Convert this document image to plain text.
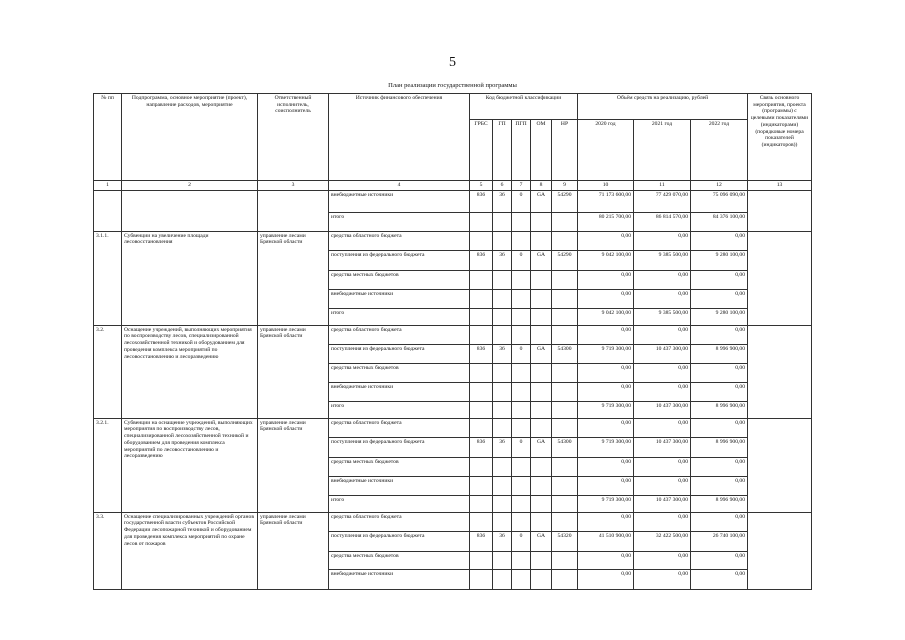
5
План реализации государственной программы
№ пп	Подпрограмма, основное мероприятие (проект), направление расходов, мероприятие	Ответственный исполнитель, соисполнитель	Источник финансового обеспечения	Код бюджетной классификации					Объём средств на реализацию, рублей			Связь основного мероприятия, проекта (программы) с целевыми показателями (индикаторами) (порядковые номера показателей (индикаторов))
				ГРБС	ГП	ПГП	ОМ	НР	2020 год	2021 год	2022 год	
1	2	3	4	5	6	7	8	9	10	11	12	13
			внебюджетные источники	836	36	0	GA	54290	71 173 600,00	77 429 070,00	75 096 090,00	
			итого						80 215 700,00	86 814 570,00	84 376 100,00	
3.1.1.	Субвенции на увеличение площади лесовосстановления	управление лесами Брянской области	средства областного бюджета						0,00	0,00	0,00	
			поступления из федерального бюджета	836	36	0	GA	54290	9 042 100,00	9 385 500,00	9 280 100,00	
			средства местных бюджетов						0,00	0,00	0,00	
			внебюджетные источники						0,00	0,00	0,00	
			итого						9 042 100,00	9 385 500,00	9 280 100,00	
3.2.	Оснащение учреждений, выполняющих мероприятия по воспроизводству лесов, специализированной лесохозяйственной техникой и оборудованием для проведения комплекса мероприятий по лесовосстановлению и лесоразведению	управление лесами Брянской области	средства областного бюджета						0,00	0,00	0,00	
			поступления из федерального бюджета	836	36	0	GA	54300	9 719 300,00	10 437 300,00	8 996 900,00	
			средства местных бюджетов						0,00	0,00	0,00	
			внебюджетные источники						0,00	0,00	0,00	
			итого						9 719 300,00	10 437 300,00	8 996 900,00	
3.2.1.	Субвенции на оснащение учреждений, выполняющих мероприятия по воспроизводству лесов, специализированной лесохозяйственной техникой и оборудованием для проведения комплекса мероприятий по лесовосстановлению и лесоразведению	управление лесами Брянской области	средства областного бюджета						0,00	0,00	0,00	
			поступления из федерального бюджета	836	36	0	GA	54300	9 719 300,00	10 437 300,00	8 996 900,00	
			средства местных бюджетов						0,00	0,00	0,00	
			внебюджетные источники						0,00	0,00	0,00	
			итого						9 719 300,00	10 437 300,00	8 996 900,00	
3.3.	Оснащение специализированных учреждений органов государственной власти субъектов Российской Федерации лесопожарной техникой и оборудованием для проведения комплекса мероприятий по охране лесов от пожаров	управление лесами Брянской области	средства областного бюджета						0,00	0,00	0,00	
			поступления из федерального бюджета	836	36	0	GA	54320	41 510 900,00	32 422 500,00	26 740 100,00	
			средства местных бюджетов						0,00	0,00	0,00	
			внебюджетные источники						0,00	0,00	0,00	
